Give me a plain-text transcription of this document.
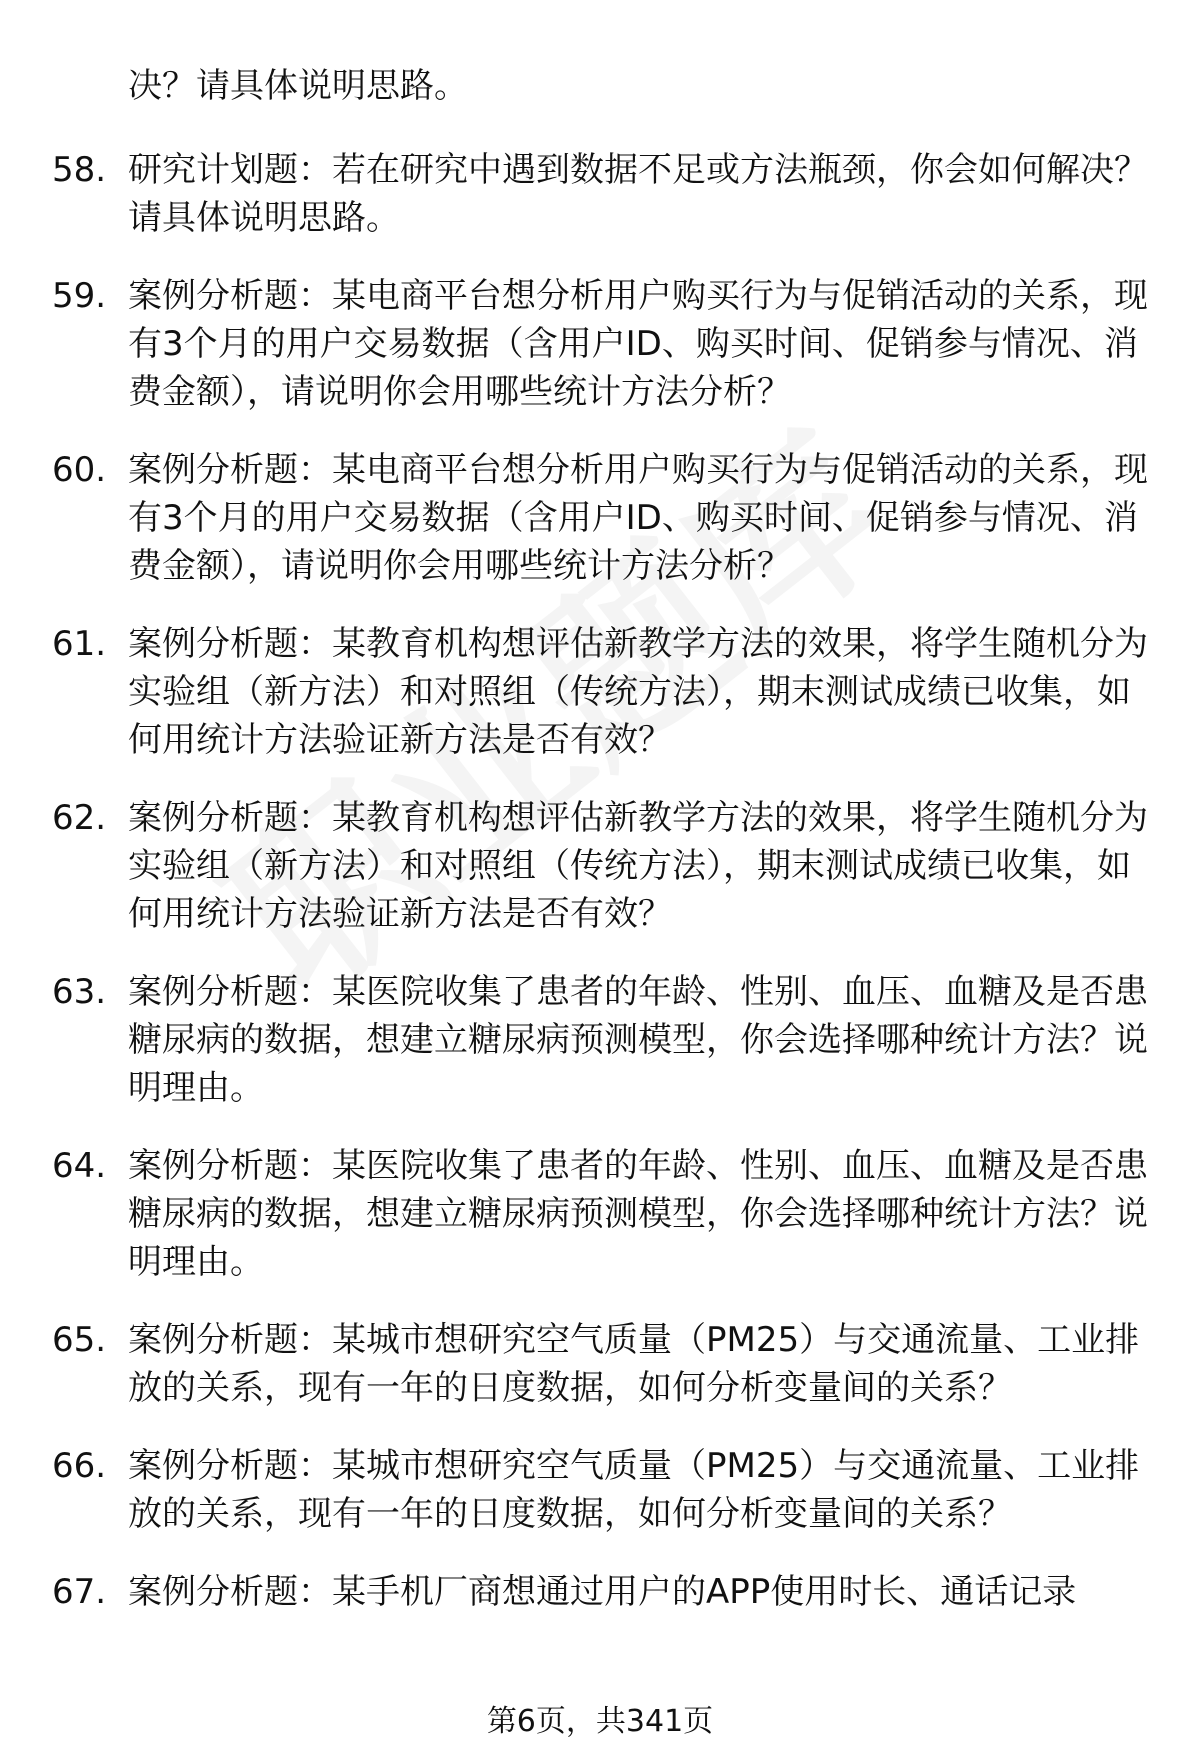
决？请具体说明思路。

58. 研究计划题：若在研究中遇到数据不足或方法瓶颈，你会如何解决？请具体说明思路。
59. 案例分析题：某电商平台想分析用户购买行为与促销活动的关系，现有3个月的用户交易数据（含用户ID、购买时间、促销参与情况、消费金额），请说明你会用哪些统计方法分析？
60. 案例分析题：某电商平台想分析用户购买行为与促销活动的关系，现有3个月的用户交易数据（含用户ID、购买时间、促销参与情况、消费金额），请说明你会用哪些统计方法分析？
61. 案例分析题：某教育机构想评估新教学方法的效果，将学生随机分为实验组（新方法）和对照组（传统方法），期末测试成绩已收集，如何用统计方法验证新方法是否有效？
62. 案例分析题：某教育机构想评估新教学方法的效果，将学生随机分为实验组（新方法）和对照组（传统方法），期末测试成绩已收集，如何用统计方法验证新方法是否有效？
63. 案例分析题：某医院收集了患者的年龄、性别、血压、血糖及是否患糖尿病的数据，想建立糖尿病预测模型，你会选择哪种统计方法？说明理由。
64. 案例分析题：某医院收集了患者的年龄、性别、血压、血糖及是否患糖尿病的数据，想建立糖尿病预测模型，你会选择哪种统计方法？说明理由。
65. 案例分析题：某城市想研究空气质量（PM25）与交通流量、工业排放的关系，现有一年的日度数据，如何分析变量间的关系？
66. 案例分析题：某城市想研究空气质量（PM25）与交通流量、工业排放的关系，现有一年的日度数据，如何分析变量间的关系？
67. 案例分析题：某手机厂商想通过用户的APP使用时长、通话记录
第6页，共341页
